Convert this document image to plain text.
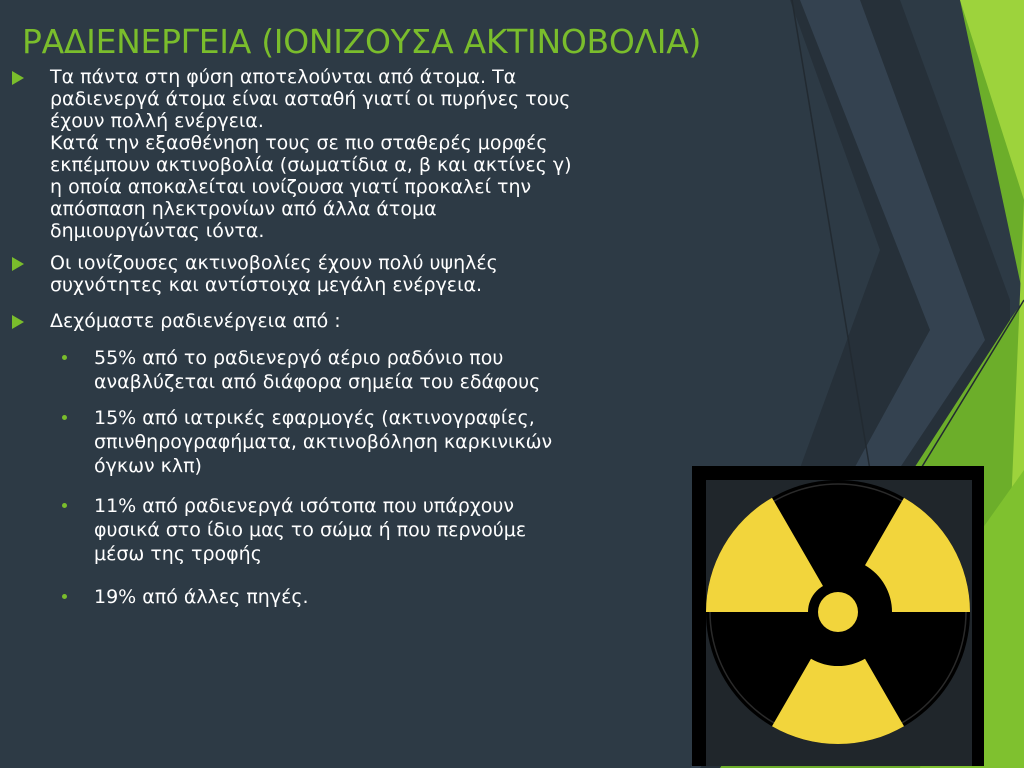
ΡΑΔΙΕΝΕΡΓΕΙΑ (ΙΟΝΙΖΟΥΣΑ ΑΚΤΙΝΟΒΟΛΙΑ)
Τα πάντα στη φύση αποτελούνται από άτομα. Τα
ραδιενεργά άτομα είναι ασταθή γιατί οι πυρήνες τους
έχουν πολλή ενέργεια.
Κατά την εξασθένηση τους σε πιο σταθερές μορφές
εκπέμπουν ακτινοβολία (σωματίδια α, β και ακτίνες γ)
η οποία αποκαλείται ιονίζουσα γιατί προκαλεί την
απόσπαση ηλεκτρονίων από άλλα άτομα
δημιουργώντας ιόντα.
Οι ιονίζουσες ακτινοβολίες έχουν πολύ υψηλές
συχνότητες και αντίστοιχα μεγάλη ενέργεια.
Δεχόμαστε ραδιενέργεια από :
55% από το ραδιενεργό αέριο ραδόνιο που
αναβλύζεται από διάφορα σημεία του εδάφους
15% από ιατρικές εφαρμογές (ακτινογραφίες,
σπινθηρογραφήματα, ακτινοβόληση καρκινικών
όγκων κλπ)
11% από ραδιενεργά ισότοπα που υπάρχουν
φυσικά στο ίδιο μας το σώμα ή που περνούμε
μέσω της τροφής
19% από άλλες πηγές.
